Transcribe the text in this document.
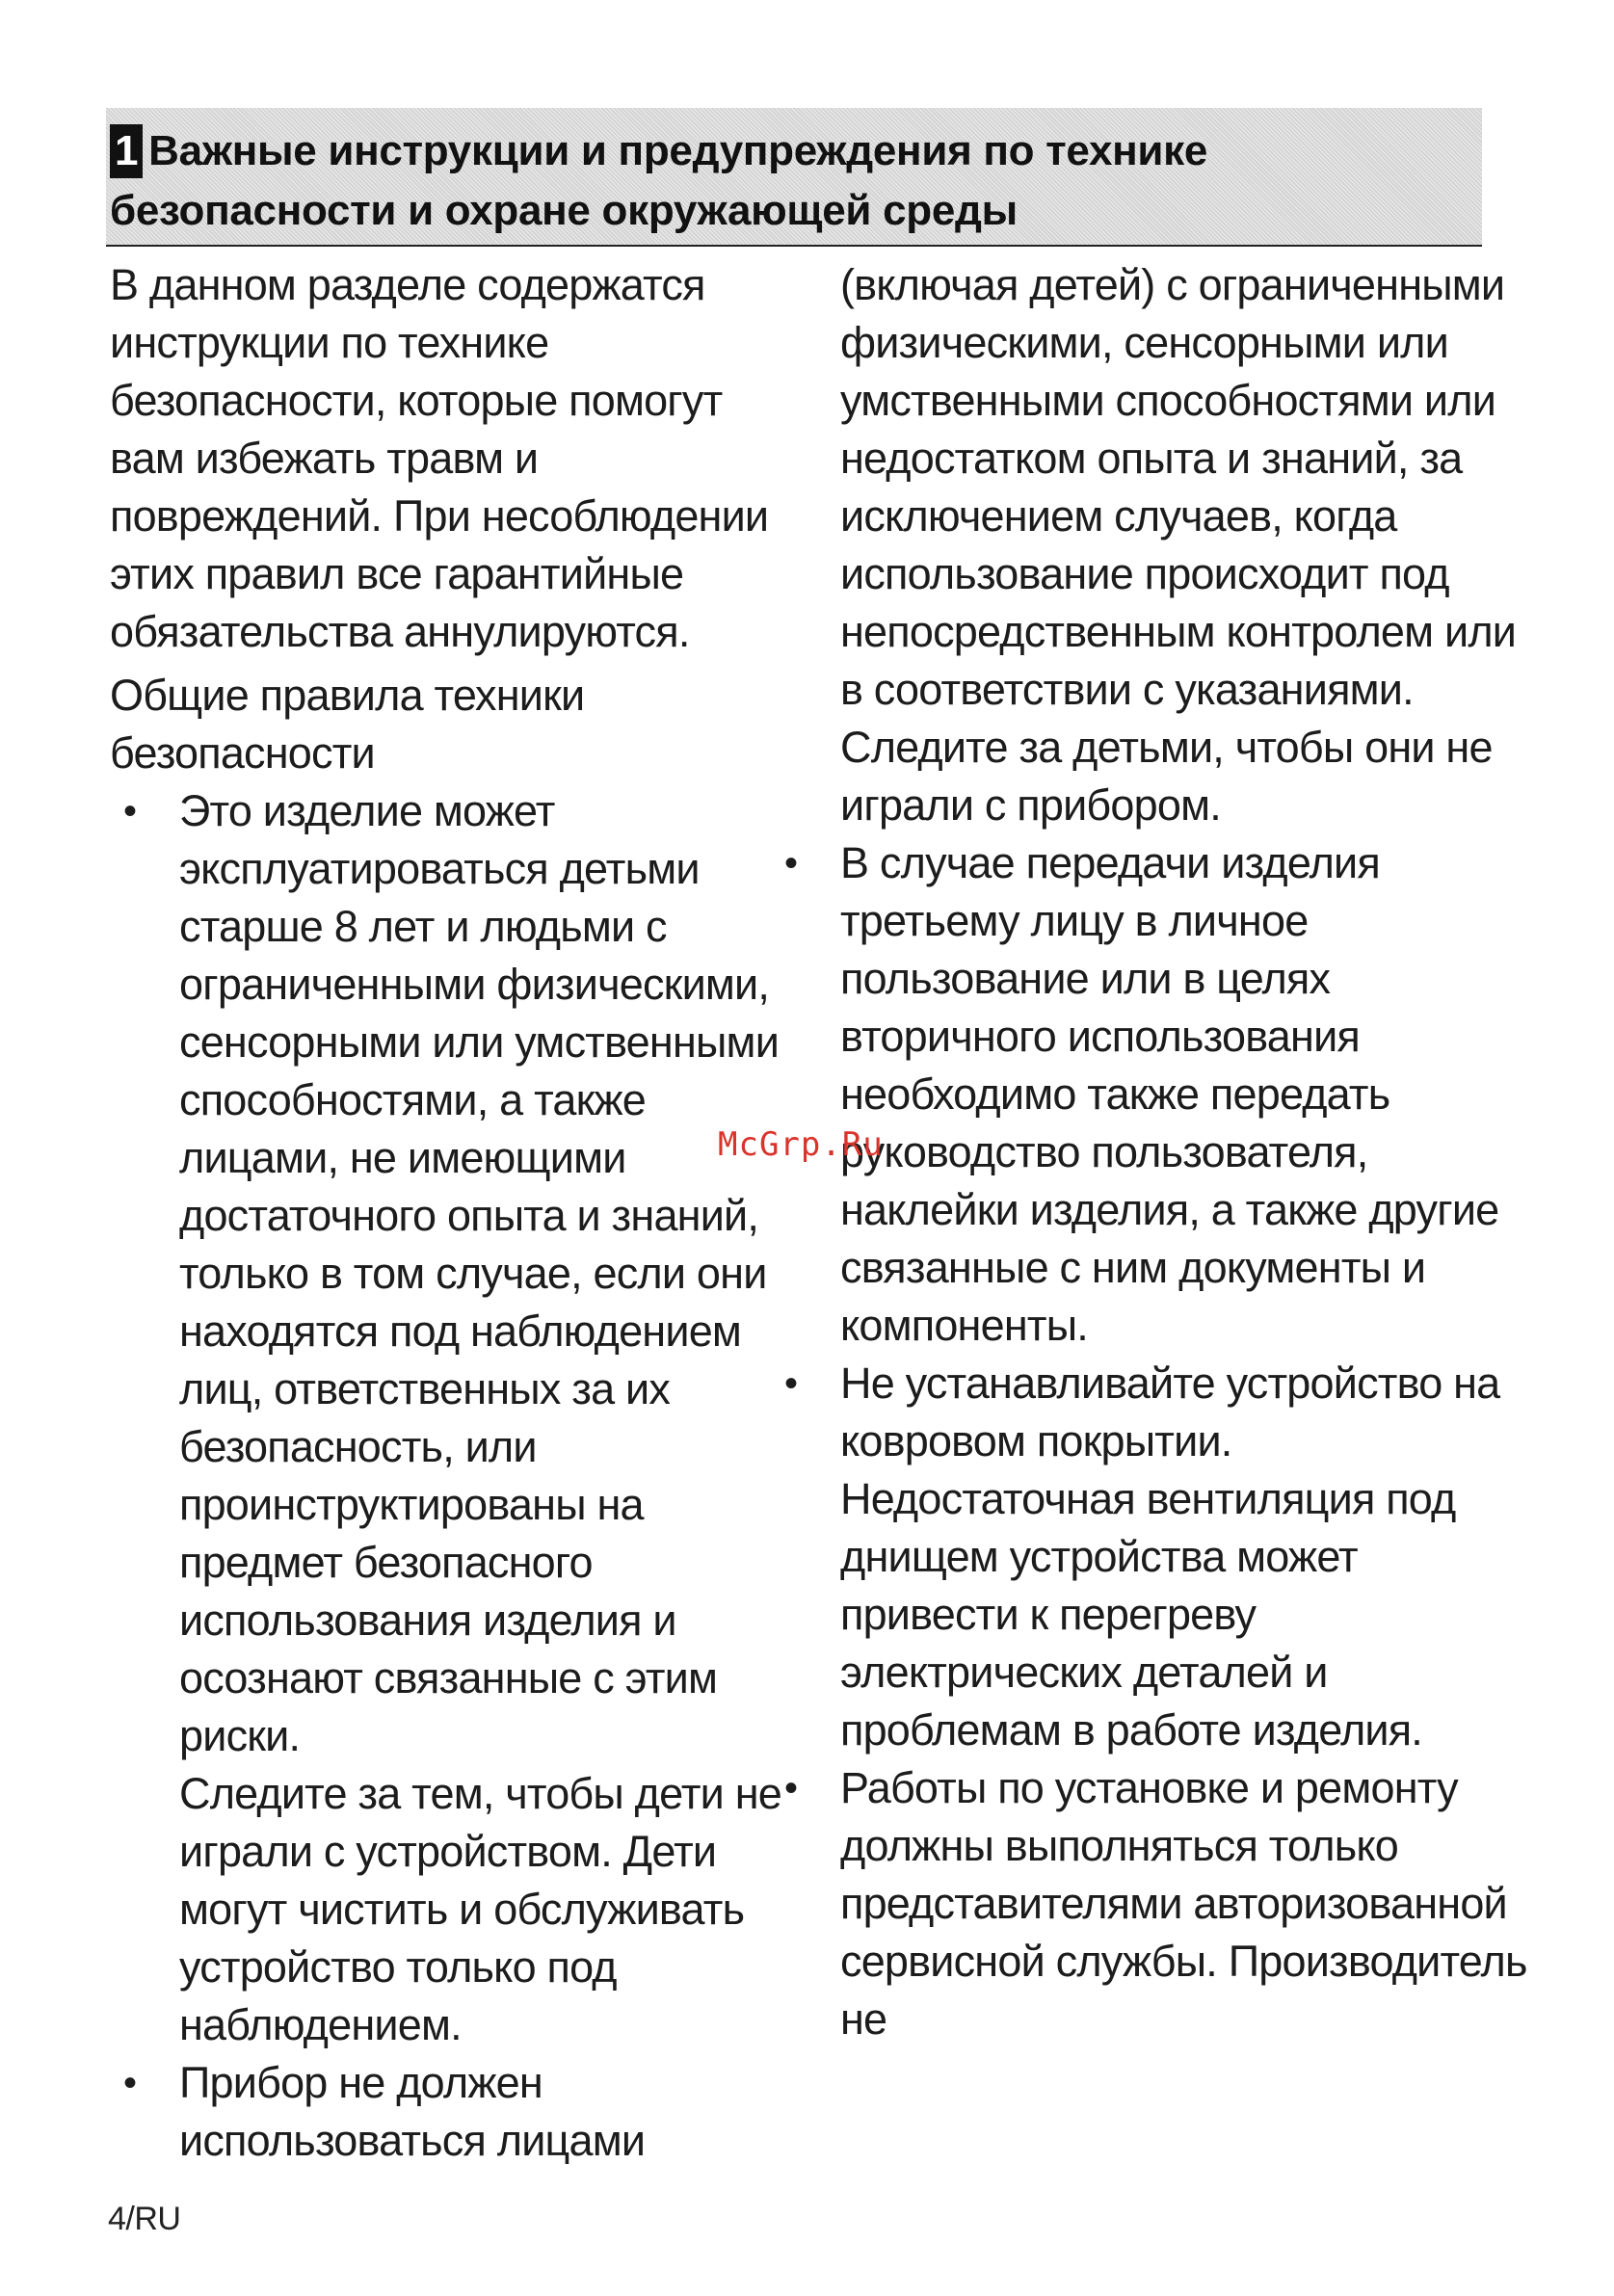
1 Важные инструкции и предупреждения по технике безопасности и охране окружающей среды

В данном разделе содержатся инструкции по технике безопасности, которые помогут вам избежать травм и повреждений. При несоблюдении этих правил все гарантийные обязательства аннулируются.

Общие правила техники безопасности

• Это изделие может эксплуатироваться детьми старше 8 лет и людьми с ограниченными физическими, сенсорными или умственными способностями, а также лицами, не имеющими достаточного опыта и знаний, только в том случае, если они находятся под наблюдением лиц, ответственных за их безопасность, или проинструктированы на предмет безопасного использования изделия и осознают связанные с этим риски.

Следите за тем, чтобы дети не играли с устройством. Дети могут чистить и обслуживать устройство только под наблюдением.

• Прибор не должен использоваться лицами

(включая детей) с ограниченными физическими, сенсорными или умственными способностями или недостатком опыта и знаний, за исключением случаев, когда использование происходит под непосредственным контролем или в соответствии с указаниями.

Следите за детьми, чтобы они не играли с прибором.

• В случае передачи изделия третьему лицу в личное пользование или в целях вторичного использования необходимо также передать руководство пользователя, наклейки изделия, а также другие связанные с ним документы и компоненты.

• Не устанавливайте устройство на ковровом покрытии. Недостаточная вентиляция под днищем устройства может привести к перегреву электрических деталей и проблемам в работе изделия.

• Работы по установке и ремонту должны выполняться только представителями авторизованной сервисной службы. Производитель не

McGrp.Ru
4/RU
